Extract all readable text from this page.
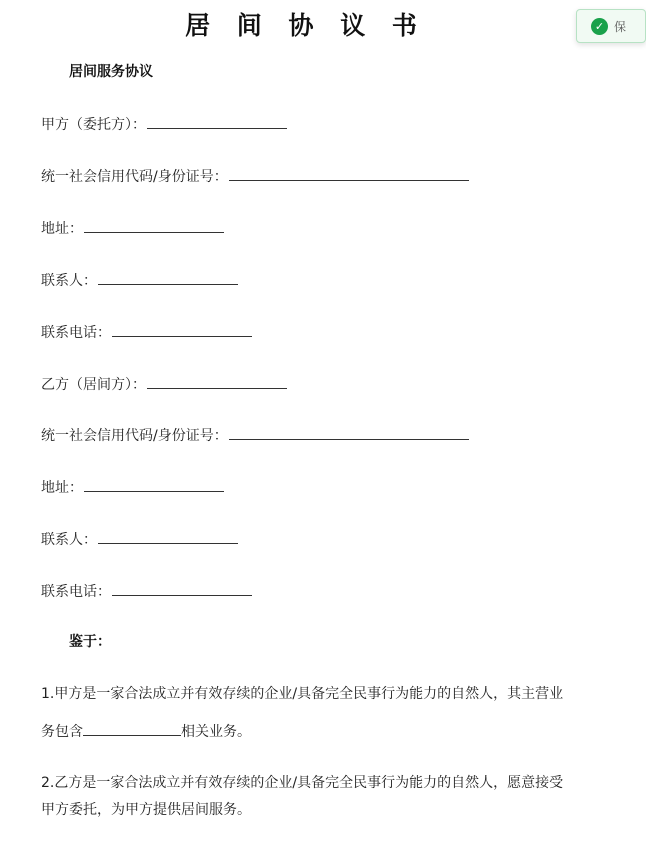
居 间 协 议 书	✓ 保
居间服务协议
甲方（委托方）：
统一社会信用代码/身份证号：
地址：
联系人：
联系电话：
乙方（居间方）：
统一社会信用代码/身份证号：
地址：
联系人：
联系电话：
鉴于：
1.甲方是一家合法成立并有效存续的企业/具备完全民事行为能力的自然人，其主营业
务包含	相关业务。
2.乙方是一家合法成立并有效存续的企业/具备完全民事行为能力的自然人，愿意接受
甲方委托，为甲方提供居间服务。
